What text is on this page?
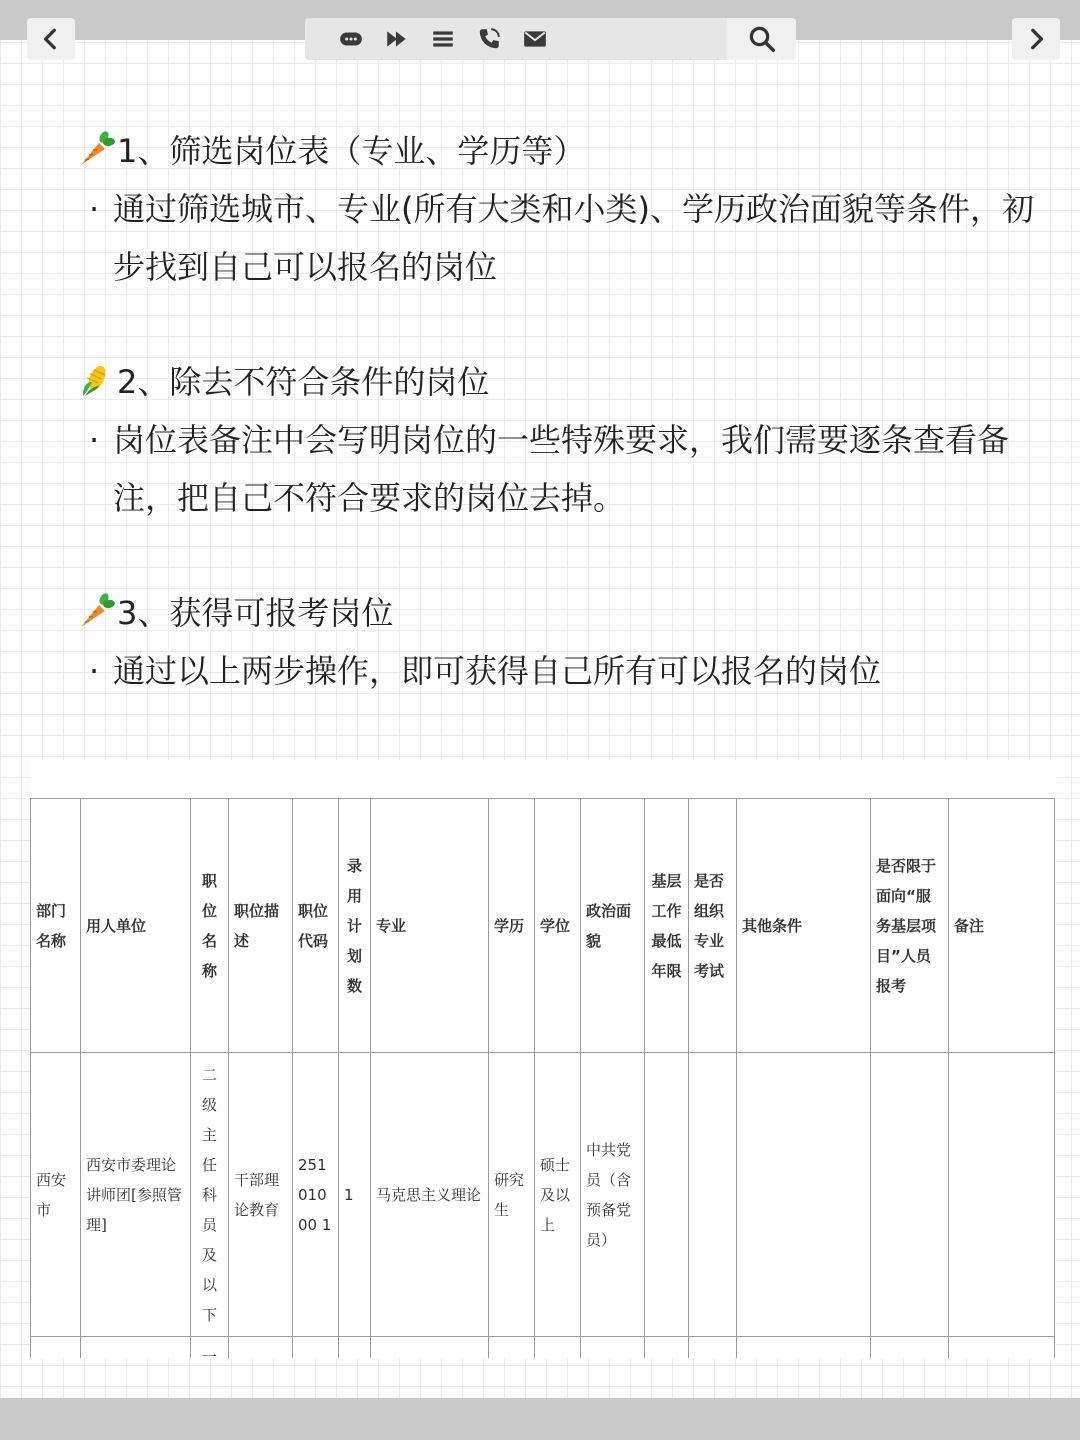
1、筛选岗位表（专业、学历等）
· 通过筛选城市、专业(所有大类和小类)、学历政治面貌等条件，初步找到自己可以报名的岗位
2、除去不符合条件的岗位
· 岗位表备注中会写明岗位的一些特殊要求，我们需要逐条查看备注，把自己不符合要求的岗位去掉。
3、获得可报考岗位
· 通过以上两步操作，即可获得自己所有可以报名的岗位
部门名称	用人单位	职位名称	职位描述	职位代码	录用计划数	专业	学历	学位	政治面貌	基层工作最低年限	是否组织专业考试	其他条件	是否限于面向“服务基层项目”人员报考	备注
西安市	西安市委理论讲师团[参照管理]	二级主任科员及以下	干部理论教育	25101000 1	1	马克思主义理论	研究生	硕士及以上	中共党员（含预备党员）					
		一												
